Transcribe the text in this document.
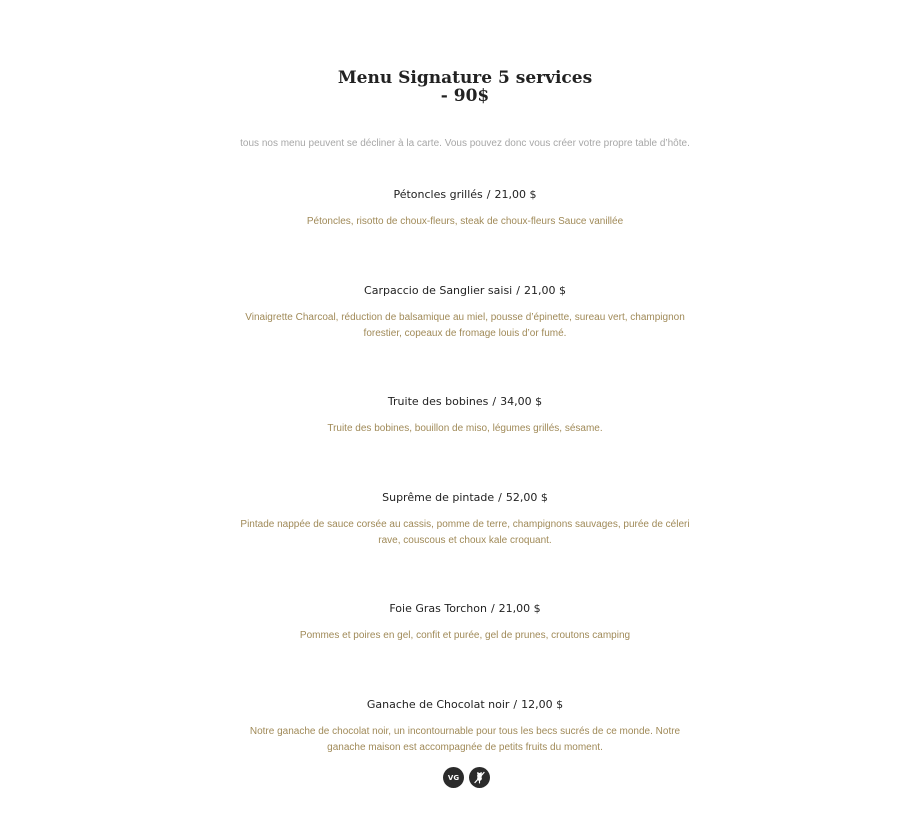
Menu Signature 5 services
- 90$
tous nos menu peuvent se décliner à la carte. Vous pouvez donc vous créer votre propre table d’hôte.
Pétoncles grillés / 21,00 $
Pétoncles, risotto de choux-fleurs, steak de choux-fleurs Sauce vanillée
Carpaccio de Sanglier saisi / 21,00 $
Vinaigrette Charcoal, réduction de balsamique au miel, pousse d’épinette, sureau vert, champignon forestier, copeaux de fromage louis d’or fumé.
Truite des bobines / 34,00 $
Truite des bobines, bouillon de miso, légumes grillés, sésame.
Suprême de pintade / 52,00 $
Pintade nappée de sauce corsée au cassis, pomme de terre, champignons sauvages, purée de céleri rave, couscous et choux kale croquant.
Foie Gras Torchon / 21,00 $
Pommes et poires en gel, confit et purée, gel de prunes, croutons camping
Ganache de Chocolat noir / 12,00 $
Notre ganache de chocolat noir, un incontournable pour tous les becs sucrés de ce monde. Notre ganache maison est accompagnée de petits fruits du moment.
VG
